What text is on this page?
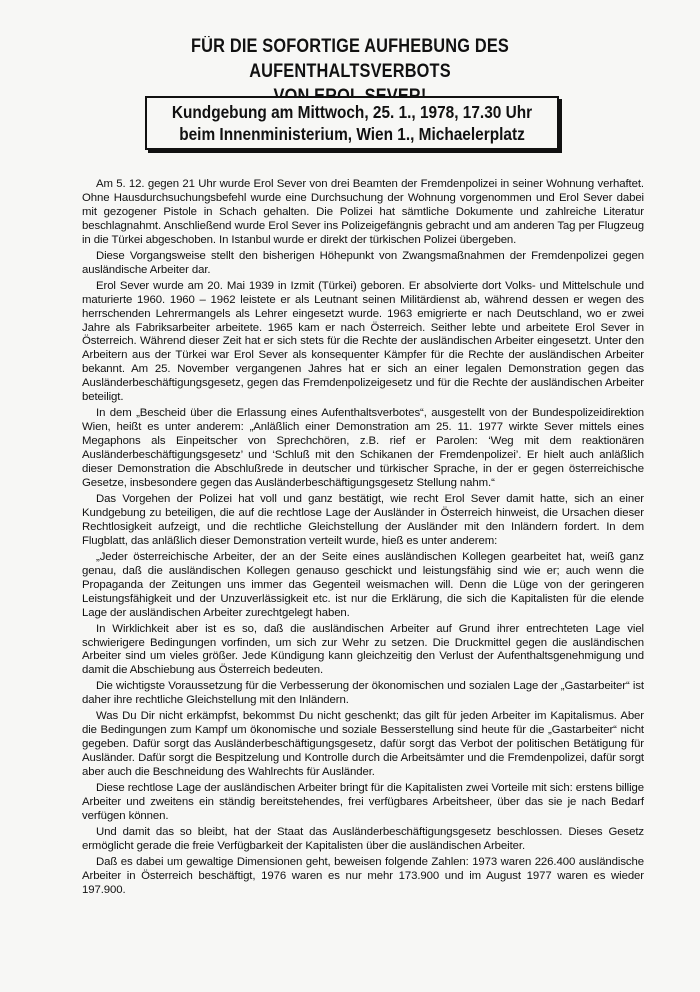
FÜR DIE SOFORTIGE AUFHEBUNG DES AUFENTHALTSVERBOTS
Kundgebung am Mittwoch, 25. 1., 1978, 17.30 Uhr
beim Innenministerium, Wien 1., Michaelerplatz

Am 5. 12. gegen 21 Uhr wurde Erol Sever von drei Beamten der Fremdenpolizei in seiner Wohnung verhaftet. Ohne Hausdurchsuchungsbefehl wurde eine Durchsuchung der Wohnung vorgenommen und Erol Sever dabei mit gezogener Pistole in Schach gehalten. Die Polizei hat sämtliche Dokumente und zahlreiche Literatur beschlagnahmt. Anschließend wurde Erol Sever ins Polizeigefängnis gebracht und am anderen Tag per Flugzeug in die Türkei abgeschoben. In Istanbul wurde er direkt der türkischen Polizei übergeben.

Diese Vorgangsweise stellt den bisherigen Höhepunkt von Zwangsmaßnahmen der Fremdenpolizei gegen ausländische Arbeiter dar.

Erol Sever wurde am 20. Mai 1939 in Izmit (Türkei) geboren. Er absolvierte dort Volks- und Mittelschule und maturierte 1960. 1960 – 1962 leistete er als Leutnant seinen Militärdienst ab, während dessen er wegen des herrschenden Lehrermangels als Lehrer eingesetzt wurde. 1963 emigrierte er nach Deutschland, wo er zwei Jahre als Fabriksarbeiter arbeitete. 1965 kam er nach Österreich. Seither lebte und arbeitete Erol Sever in Österreich. Während dieser Zeit hat er sich stets für die Rechte der ausländischen Arbeiter eingesetzt. Unter den Arbeitern aus der Türkei war Erol Sever als konsequenter Kämpfer für die Rechte der ausländischen Arbeiter bekannt. Am 25. November vergangenen Jahres hat er sich an einer legalen Demonstration gegen das Ausländerbeschäftigungsgesetz, gegen das Fremdenpolizeigesetz und für die Rechte der ausländischen Arbeiter beteiligt.

In dem „Bescheid über die Erlassung eines Aufenthaltsverbotes“, ausgestellt von der Bundespolizeidirektion Wien, heißt es unter anderem: „Anläßlich einer Demonstration am 25. 11. 1977 wirkte Sever mittels eines Megaphons als Einpeitscher von Sprechchören, z.B. rief er Parolen: ‘Weg mit dem reaktionären Ausländerbeschäftigungsgesetz’ und ‘Schluß mit den Schikanen der Fremdenpolizei’. Er hielt auch anläßlich dieser Demonstration die Abschlußrede in deutscher und türkischer Sprache, in der er gegen österreichische Gesetze, insbesondere gegen das Ausländerbeschäftigungsgesetz Stellung nahm.“

Das Vorgehen der Polizei hat voll und ganz bestätigt, wie recht Erol Sever damit hatte, sich an einer Kundgebung zu beteiligen, die auf die rechtlose Lage der Ausländer in Österreich hinweist, die Ursachen dieser Rechtlosigkeit aufzeigt, und die rechtliche Gleichstellung der Ausländer mit den Inländern fordert. In dem Flugblatt, das anläßlich dieser Demonstration verteilt wurde, hieß es unter anderem:

„Jeder österreichische Arbeiter, der an der Seite eines ausländischen Kollegen gearbeitet hat, weiß ganz genau, daß die ausländischen Kollegen genauso geschickt und leistungsfähig sind wie er; auch wenn die Propaganda der Zeitungen uns immer das Gegenteil weismachen will. Denn die Lüge von der geringeren Leistungsfähigkeit und der Unzuverlässigkeit etc. ist nur die Erklärung, die sich die Kapitalisten für die elende Lage der ausländischen Arbeiter zurechtgelegt haben.

In Wirklichkeit aber ist es so, daß die ausländischen Arbeiter auf Grund ihrer entrechteten Lage viel schwierigere Bedingungen vorfinden, um sich zur Wehr zu setzen. Die Druckmittel gegen die ausländischen Arbeiter sind um vieles größer. Jede Kündigung kann gleichzeitig den Verlust der Aufenthaltsgenehmigung und damit die Abschiebung aus Österreich bedeuten.

Die wichtigste Voraussetzung für die Verbesserung der ökonomischen und sozialen Lage der „Gastarbeiter“ ist daher ihre rechtliche Gleichstellung mit den Inländern.

Was Du Dir nicht erkämpfst, bekommst Du nicht geschenkt; das gilt für jeden Arbeiter im Kapitalismus. Aber die Bedingungen zum Kampf um ökonomische und soziale Besserstellung sind heute für die „Gastarbeiter“ nicht gegeben. Dafür sorgt das Ausländerbeschäftigungsgesetz, dafür sorgt das Verbot der politischen Betätigung für Ausländer. Dafür sorgt die Bespitzelung und Kontrolle durch die Arbeitsämter und die Fremdenpolizei, dafür sorgt aber auch die Beschneidung des Wahlrechts für Ausländer.

Diese rechtlose Lage der ausländischen Arbeiter bringt für die Kapitalisten zwei Vorteile mit sich: erstens billige Arbeiter und zweitens ein ständig bereitstehendes, frei verfügbares Arbeitsheer, über das sie je nach Bedarf verfügen können.

Und damit das so bleibt, hat der Staat das Ausländerbeschäftigungsgesetz beschlossen. Dieses Gesetz ermöglicht gerade die freie Verfügbarkeit der Kapitalisten über die ausländischen Arbeiter.

Daß es dabei um gewaltige Dimensionen geht, beweisen folgende Zahlen: 1973 waren 226.400 ausländische Arbeiter in Österreich beschäftigt, 1976 waren es nur mehr 173.900 und im August 1977 waren es wieder 197.900.
